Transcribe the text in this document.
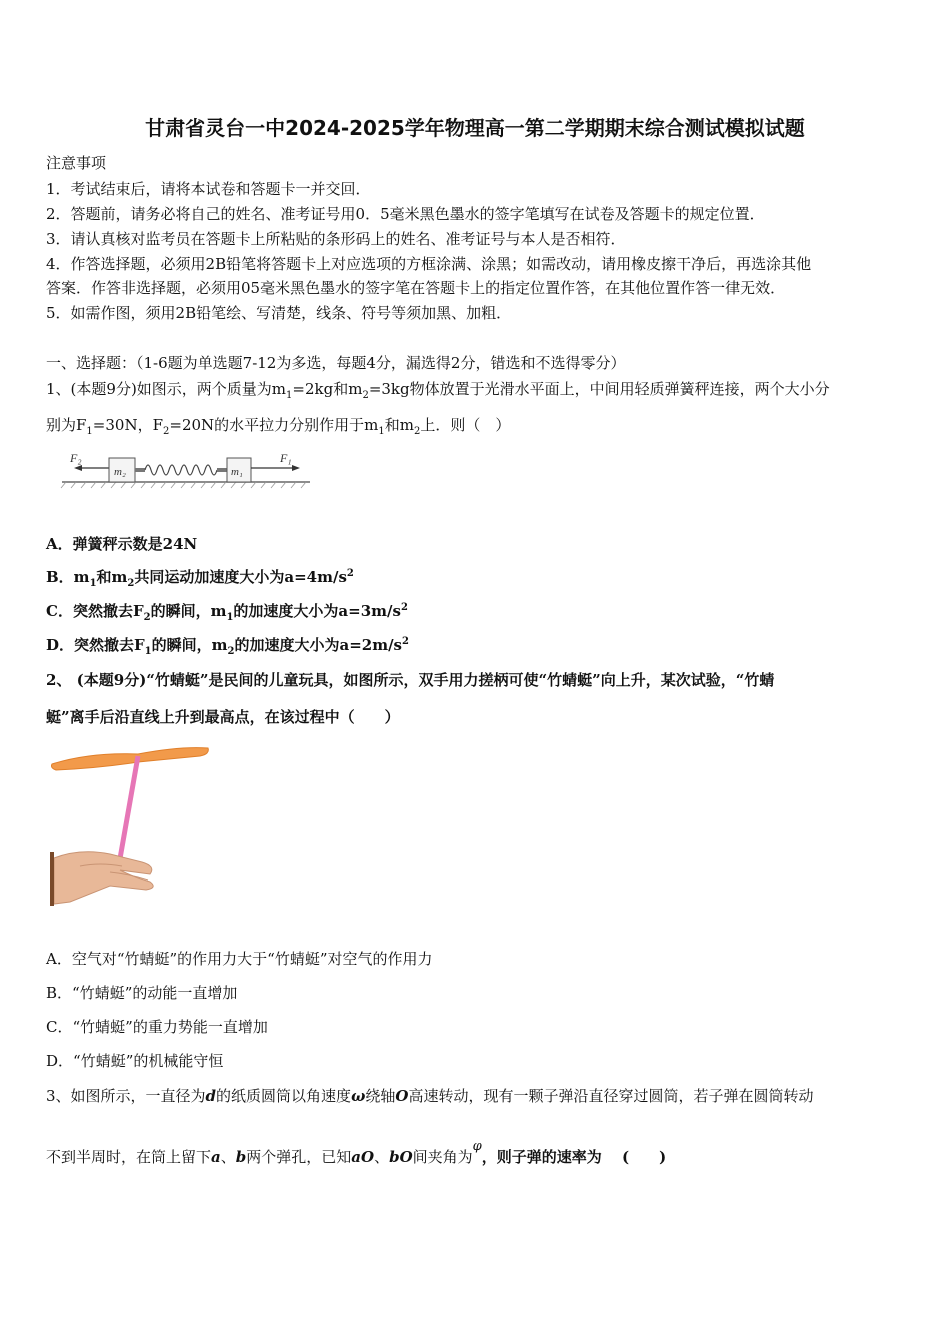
甘肃省灵台一中2024-2025学年物理高一第二学期期末综合测试模拟试题
注意事项
1．考试结束后，请将本试卷和答题卡一并交回．
2．答题前，请务必将自己的姓名、准考证号用0．5毫米黑色墨水的签字笔填写在试卷及答题卡的规定位置．
3．请认真核对监考员在答题卡上所粘贴的条形码上的姓名、准考证号与本人是否相符．
4．作答选择题，必须用2B铅笔将答题卡上对应选项的方框涂满、涂黑；如需改动，请用橡皮擦干净后，再选涂其他
答案．作答非选择题，必须用05毫米黑色墨水的签字笔在答题卡上的指定位置作答，在其他位置作答一律无效．
5．如需作图，须用2B铅笔绘、写清楚，线条、符号等须加黑、加粗．
一、选择题：（1-6题为单选题7-12为多选，每题4分，漏选得2分，错选和不选得零分）
1、(本题9分)如图示，两个质量为$m_1=2kg$和$m_2=3kg$物体放置于光滑水平面上，中间用轻质弹簧秤连接，两个大小分
别为$F_1=30N$，$F_2=20N$的水平拉力分别作用于$m_1$和$m_2$上．则（　）
F₂
m₂	m₁
F₁
A．弹簧秤示数是24N
B．$m_1$和$m_2$共同运动加速度大小为$a=4m/s^2$
C．突然撤去$F_2$的瞬间，$m_1$的加速度大小为$a=3m/s^2$
D．突然撤去$F_1$的瞬间，$m_2$的加速度大小为$a=2m/s^2$
2、 (本题9分)“竹蜻蜓”是民间的儿童玩具，如图所示，双手用力搓柄可使“竹蜻蜓”向上升，某次试验，“竹蜻
蜓”离手后沿直线上升到最高点，在该过程中（　　）
A．空气对“竹蜻蜓”的作用力大于“竹蜻蜓”对空气的作用力
B．“竹蜻蜓”的动能一直增加
C．“竹蜻蜓”的重力势能一直增加
D．“竹蜻蜓”的机械能守恒
3、如图所示，一直径为d的纸质圆筒以角速度ω绕轴O高速转动，现有一颗子弹沿直径穿过圆筒，若子弹在圆筒转动
不到半周时，在筒上留下a、b两个弹孔，已知aO、bO间夹角为φ，则子弹的速率为　 (　　)
